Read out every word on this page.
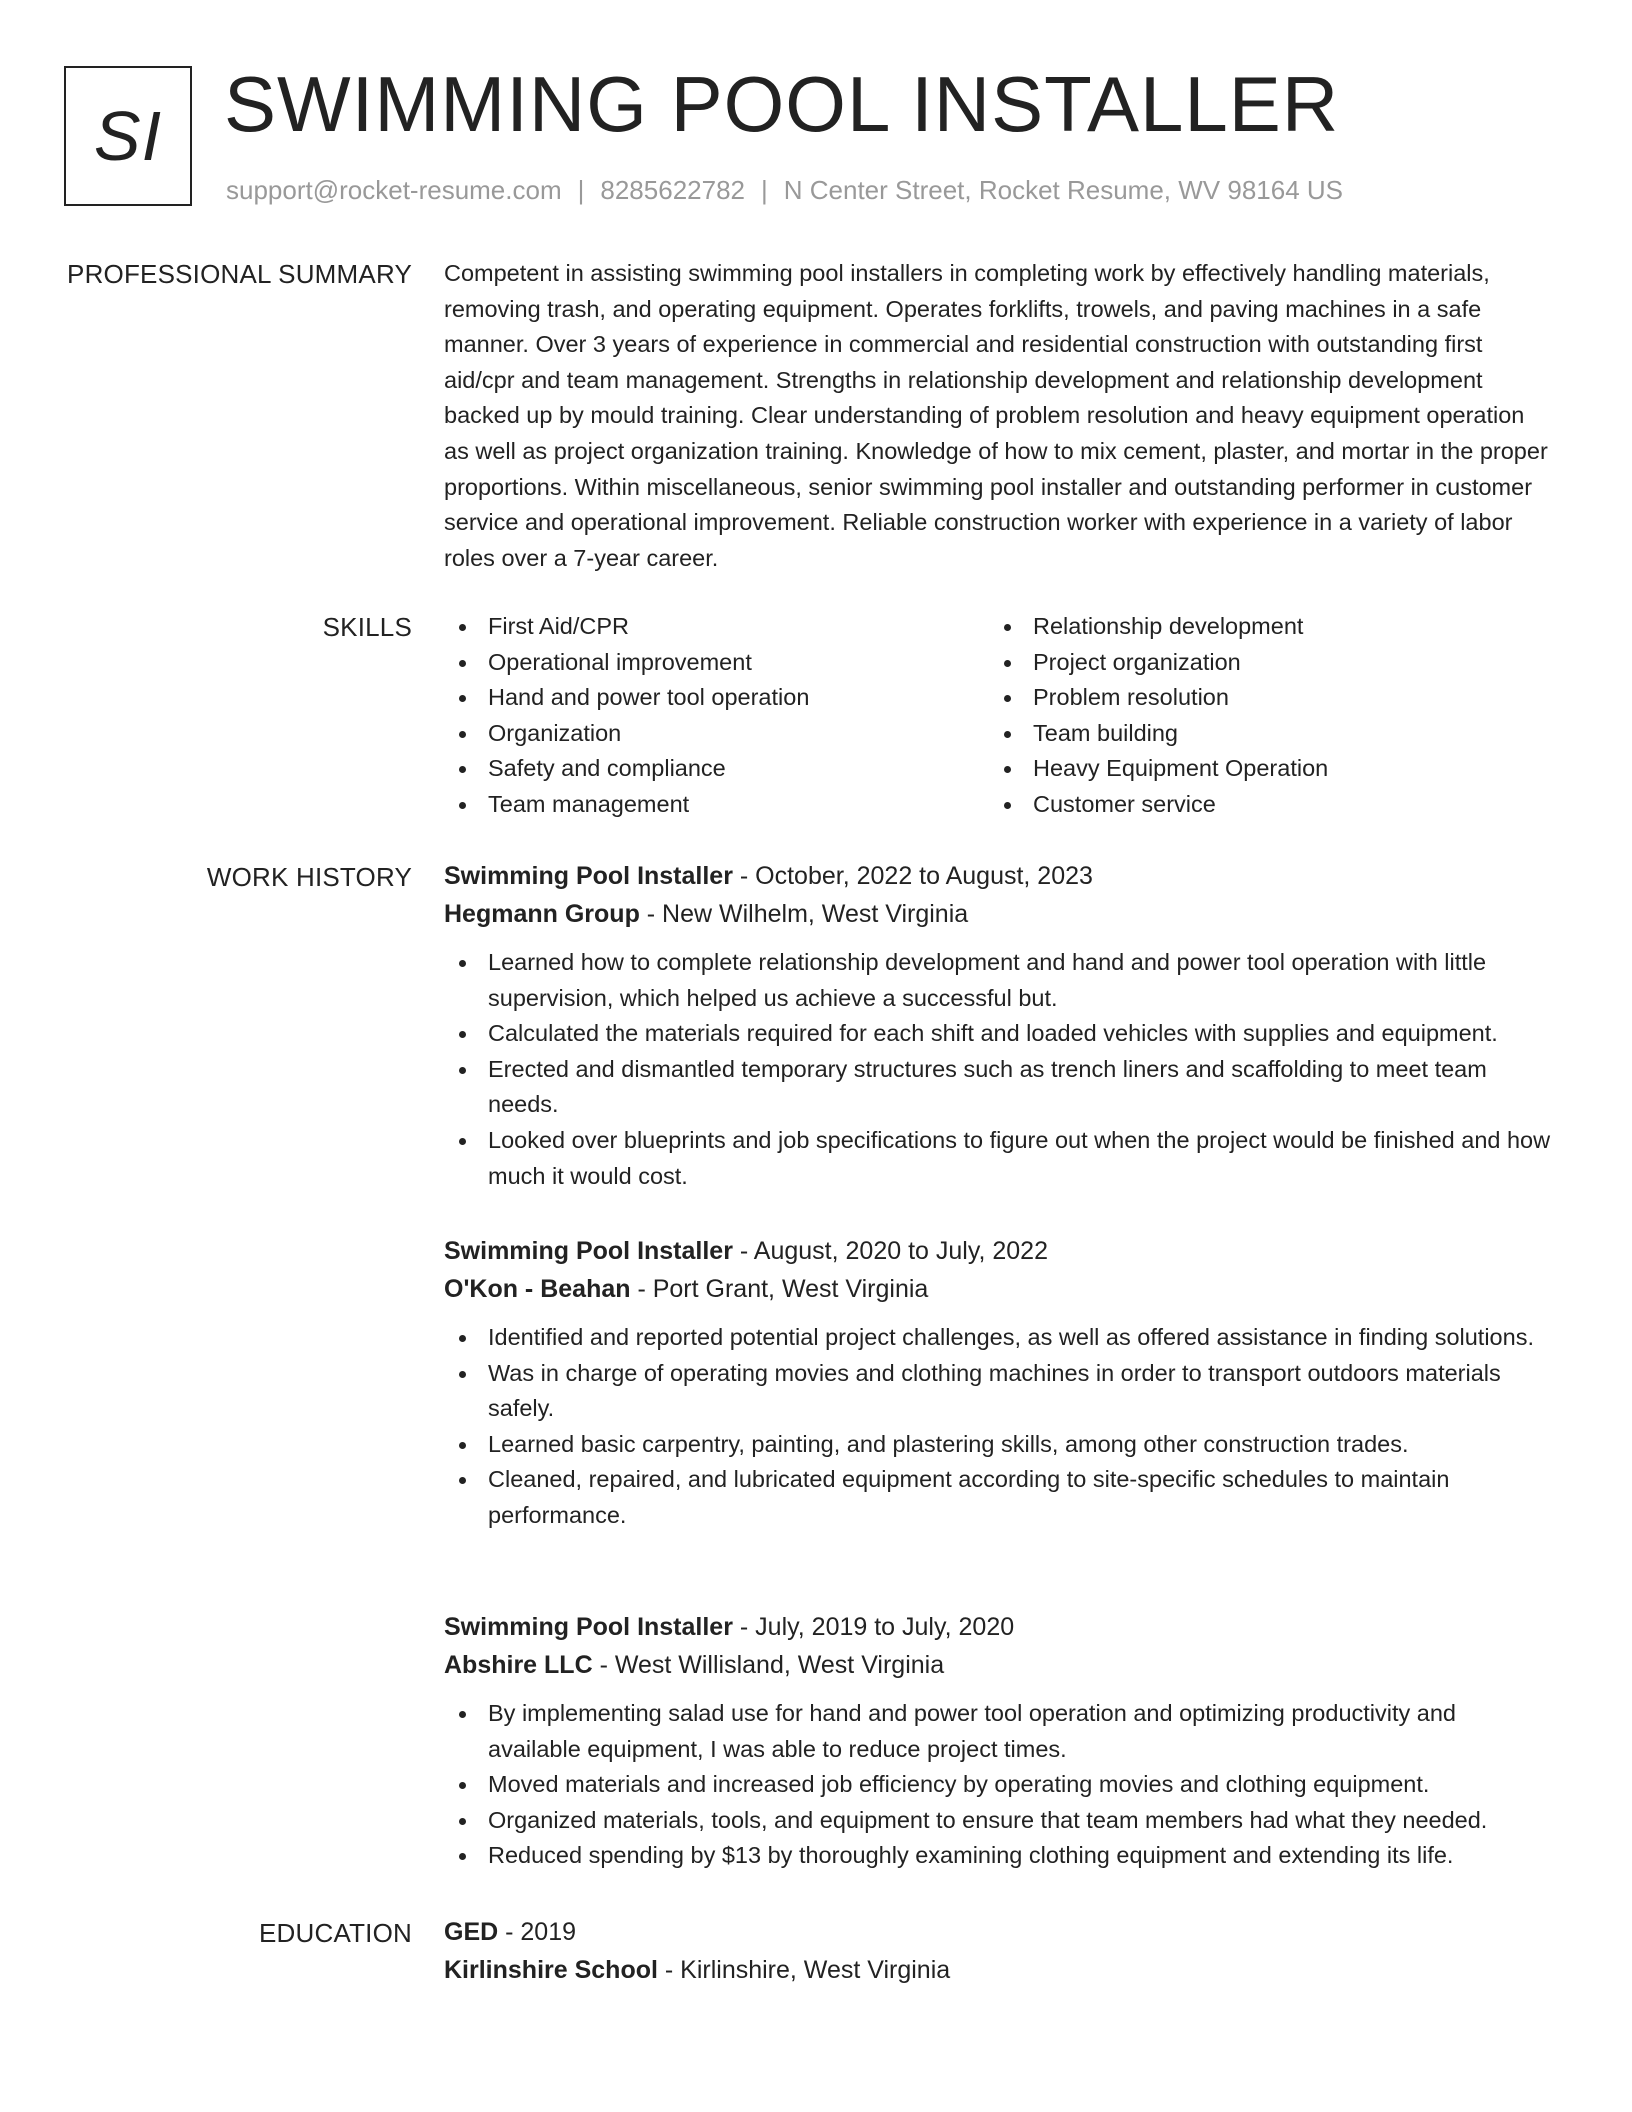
SI SWIMMING POOL INSTALLER
support@rocket-resume.com | 8285622782 | N Center Street, Rocket Resume, WV 98164 US
PROFESSIONAL SUMMARY Competent in assisting swimming pool installers in completing work by effectively handling materials, removing trash, and operating equipment. Operates forklifts, trowels, and paving machines in a safe manner. Over 3 years of experience in commercial and residential construction with outstanding first aid/cpr and team management. Strengths in relationship development and relationship development backed up by mould training. Clear understanding of problem resolution and heavy equipment operation as well as project organization training. Knowledge of how to mix cement, plaster, and mortar in the proper proportions. Within miscellaneous, senior swimming pool installer and outstanding performer in customer service and operational improvement. Reliable construction worker with experience in a variety of labor roles over a 7-year career.

SKILLS	First Aid/CPR
Operational improvement
Hand and power tool operation
Organization
Safety and compliance
Team management
Relationship development
Project organization
Problem resolution
Team building
Heavy Equipment Operation
Customer service
WORK HISTORY Swimming Pool Installer - October, 2022 to August, 2023
Hegmann Group - New Wilhelm, West Virginia
Learned how to complete relationship development and hand and power tool operation with little supervision, which helped us achieve a successful but.
Calculated the materials required for each shift and loaded vehicles with supplies and equipment.
Erected and dismantled temporary structures such as trench liners and scaffolding to meet team needs.
Looked over blueprints and job specifications to figure out when the project would be finished and how much it would cost.
Swimming Pool Installer - August, 2020 to July, 2022
O'Kon - Beahan - Port Grant, West Virginia
Identified and reported potential project challenges, as well as offered assistance in finding solutions.
Was in charge of operating movies and clothing machines in order to transport outdoors materials safely.
Learned basic carpentry, painting, and plastering skills, among other construction trades.
Cleaned, repaired, and lubricated equipment according to site-specific schedules to maintain performance.
Swimming Pool Installer - July, 2019 to July, 2020
Abshire LLC - West Willisland, West Virginia
By implementing salad use for hand and power tool operation and optimizing productivity and available equipment, I was able to reduce project times.
Moved materials and increased job efficiency by operating movies and clothing equipment.
Organized materials, tools, and equipment to ensure that team members had what they needed.
Reduced spending by $13 by thoroughly examining clothing equipment and extending its life.
EDUCATION GED - 2019
Kirlinshire School - Kirlinshire, West Virginia
